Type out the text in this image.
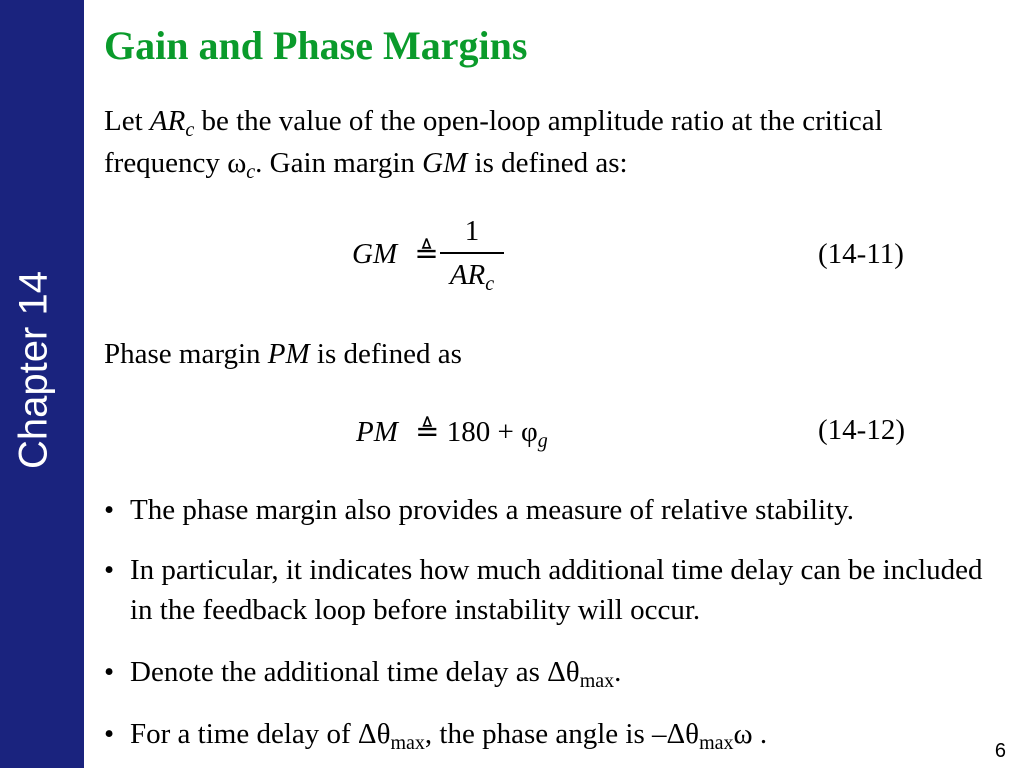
Chapter 14
Gain and Phase Margins
Let $AR_c$ be the value of the open-loop amplitude ratio at the critical frequency $\omega_c$. Gain margin GM is defined as:
GM ≜
1
$AR_c$
(14-11)
Phase margin PM is defined as
PM ≜ $180 + \varphi_g$	(14-12)
• The phase margin also provides a measure of relative stability.
• In particular, it indicates how much additional time delay can be included in the feedback loop before instability will occur.
• Denote the additional time delay as $\Delta\theta_{max}$.
• For a time delay of $\Delta\theta_{max}$, the phase angle is $-\Delta\theta_{max}\omega$ .
6
